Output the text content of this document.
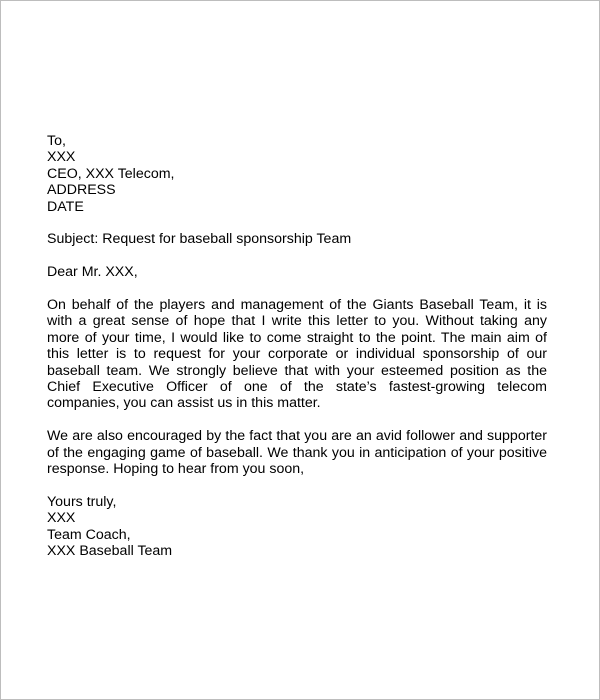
To,
XXX
CEO, XXX Telecom,
ADDRESS
DATE
Subject: Request for baseball sponsorship Team
Dear Mr. XXX,
On behalf of the players and management of the Giants Baseball Team, it is with a great sense of hope that I write this letter to you. Without taking any more of your time, I would like to come straight to the point. The main aim of this letter is to request for your corporate or individual sponsorship of our baseball team. We strongly believe that with your esteemed position as the Chief Executive Officer of one of the state’s fastest-growing telecom companies, you can assist us in this matter.
We are also encouraged by the fact that you are an avid follower and supporter of the engaging game of baseball. We thank you in anticipation of your positive response. Hoping to hear from you soon,
Yours truly,
XXX
Team Coach,
XXX Baseball Team
